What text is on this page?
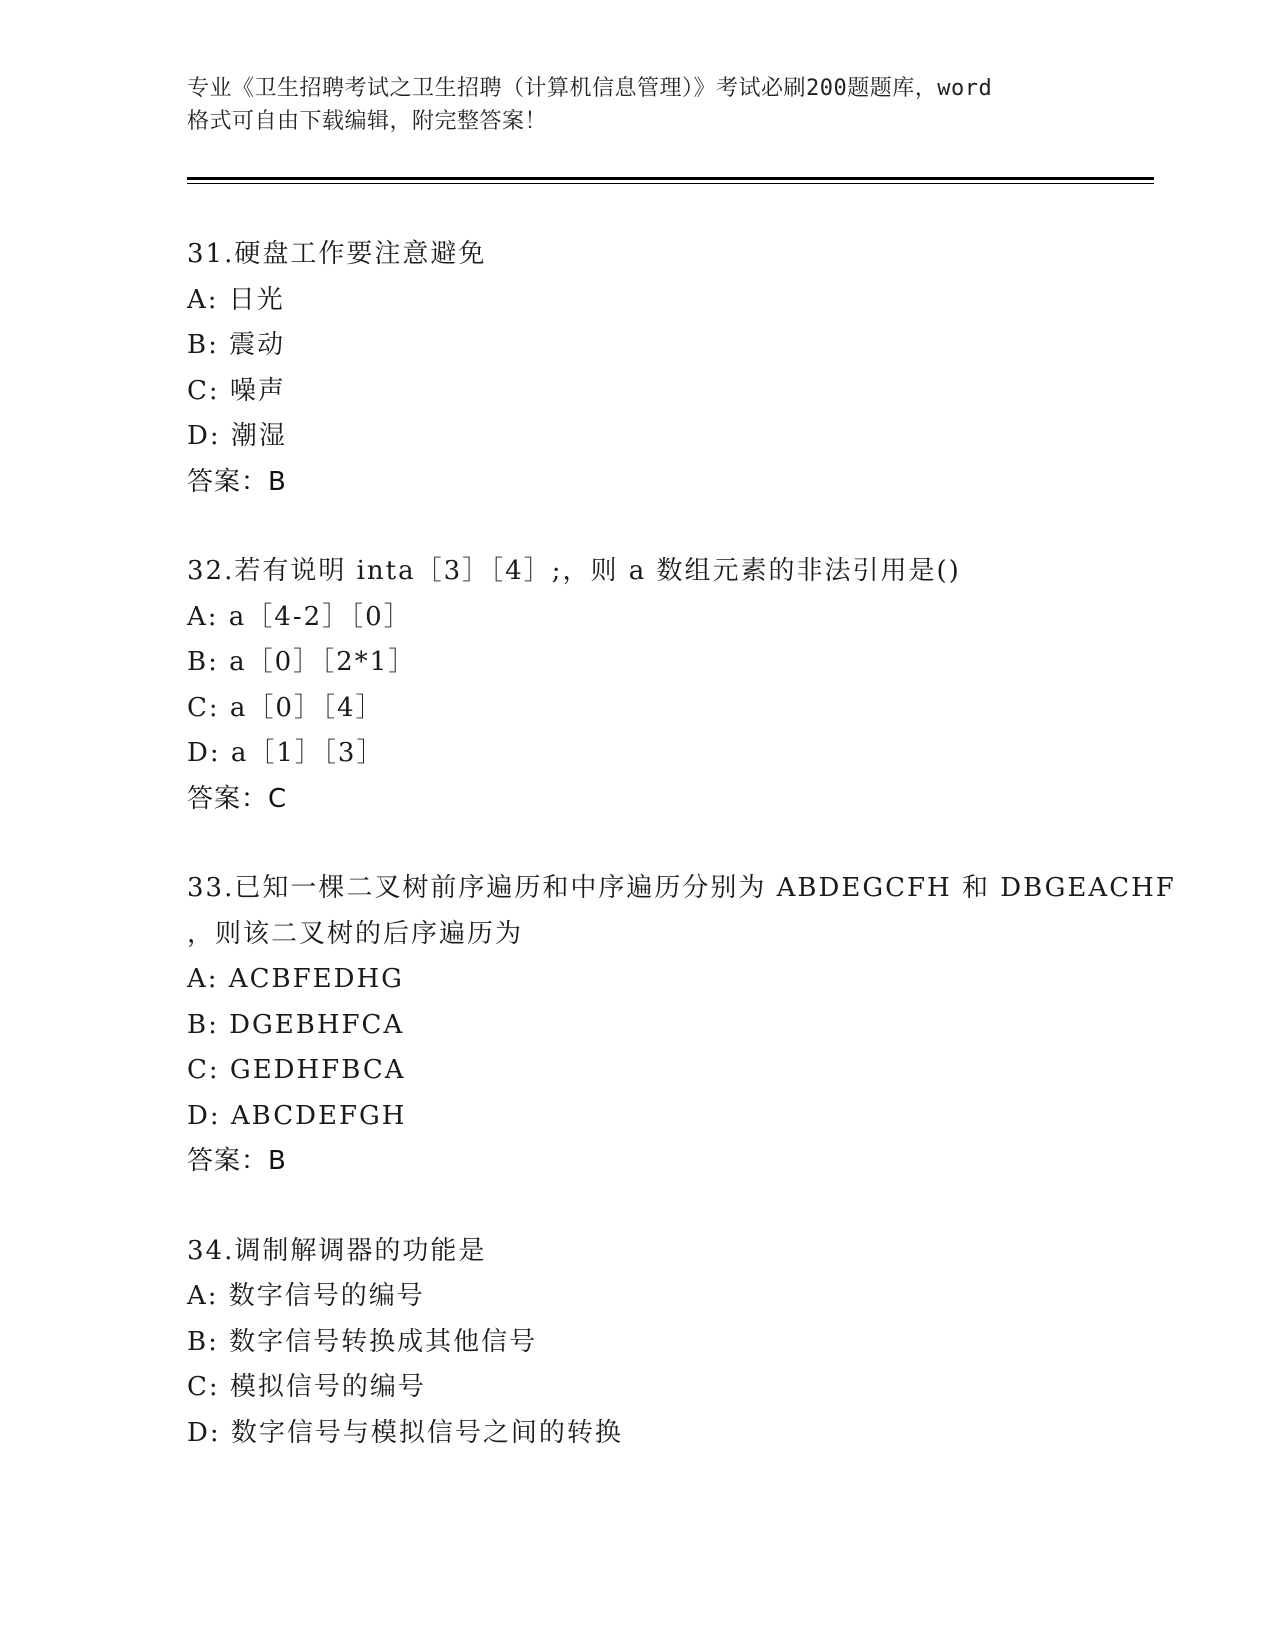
专业《卫生招聘考试之卫生招聘（计算机信息管理）》考试必刷200题题库，word
格式可自由下载编辑，附完整答案！
31.硬盘工作要注意避免
A: 日光
B: 震动
C: 噪声
D: 潮湿
答案：B
32.若有说明 inta［3］［4］;，则 a 数组元素的非法引用是()
A: a［4-2］［0］
B: a［0］［2*1］
C: a［0］［4］
D: a［1］［3］
答案：C
33.已知一棵二叉树前序遍历和中序遍历分别为 ABDEGCFH 和 DBGEACHF
，则该二叉树的后序遍历为
A: ACBFEDHG
B: DGEBHFCA
C: GEDHFBCA
D: ABCDEFGH
答案：B
34.调制解调器的功能是
A: 数字信号的编号
B: 数字信号转换成其他信号
C: 模拟信号的编号
D: 数字信号与模拟信号之间的转换
